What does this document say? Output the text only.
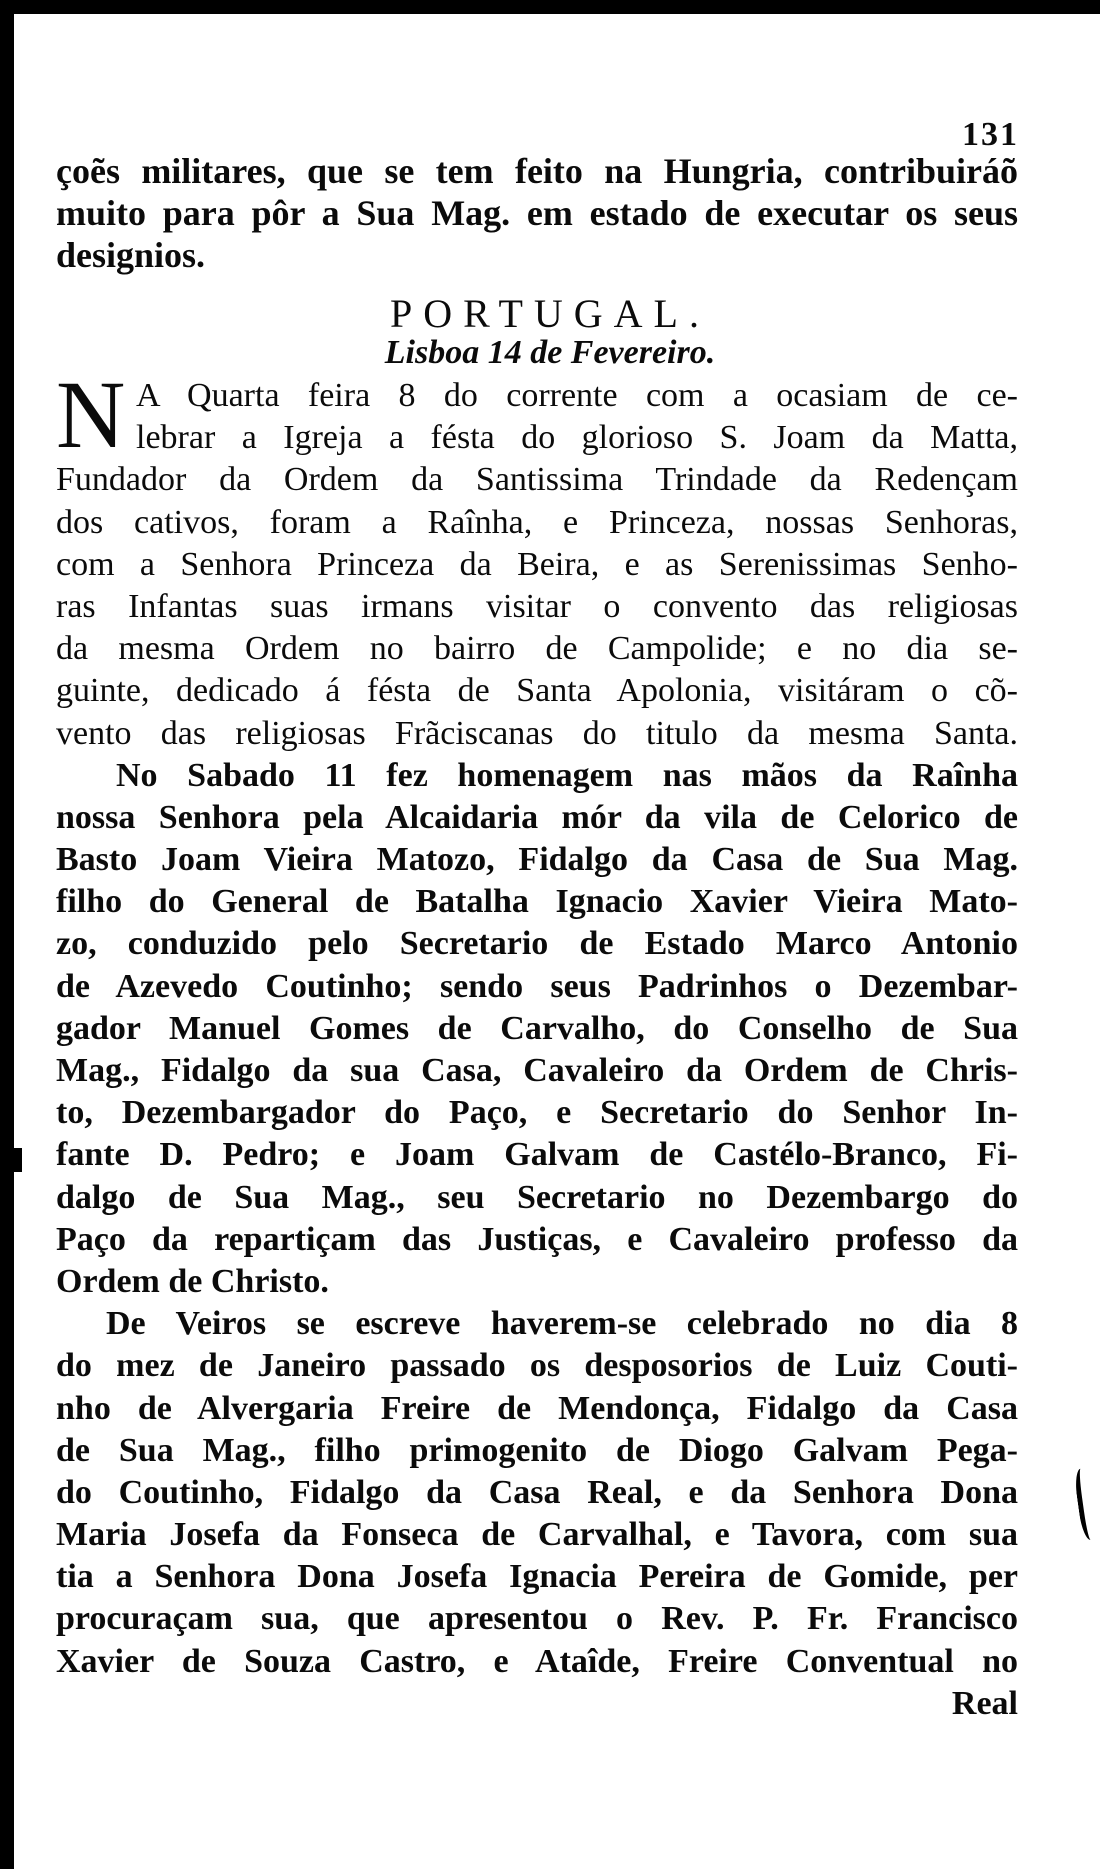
131
çoẽs militares, que se tem feito na Hungria, contribuiráõ
muito para pôr a Sua Mag. em estado de executar os seus
designios.
PORTUGAL.
Lisboa 14 de Fevereiro.
N A Quarta feira 8 do corrente com a ocasiam de ce-
lebrar a Igreja a fésta do glorioso S. Joam da Matta,
Fundador da Ordem da Santissima Trindade da Redençam
dos cativos, foram a Raînha, e Princeza, nossas Senhoras,
com a Senhora Princeza da Beira, e as Serenissimas Senho-
ras Infantas suas irmans visitar o convento das religiosas
da mesma Ordem no bairro de Campolide; e no dia se-
guinte, dedicado á fésta de Santa Apolonia, visitáram o cõ-
vento das religiosas Frãciscanas do titulo da mesma Santa.
No Sabado 11 fez homenagem nas mãos da Raînha
nossa Senhora pela Alcaidaria mór da vila de Celorico de
Basto Joam Vieira Matozo, Fidalgo da Casa de Sua Mag.
filho do General de Batalha Ignacio Xavier Vieira Mato-
zo, conduzido pelo Secretario de Estado Marco Antonio
de Azevedo Coutinho; sendo seus Padrinhos o Dezembar-
gador Manuel Gomes de Carvalho, do Conselho de Sua
Mag., Fidalgo da sua Casa, Cavaleiro da Ordem de Chris-
to, Dezembargador do Paço, e Secretario do Senhor In-
fante D. Pedro; e Joam Galvam de Castélo-Branco, Fi-
dalgo de Sua Mag., seu Secretario no Dezembargo do
Paço da repartiçam das Justiças, e Cavaleiro professo da
Ordem de Christo.
De Veiros se escreve haverem-se celebrado no dia 8
do mez de Janeiro passado os desposorios de Luiz Couti-
nho de Alvergaria Freire de Mendonça, Fidalgo da Casa
de Sua Mag., filho primogenito de Diogo Galvam Pega-
do Coutinho, Fidalgo da Casa Real, e da Senhora Dona
Maria Josefa da Fonseca de Carvalhal, e Tavora, com sua
tia a Senhora Dona Josefa Ignacia Pereira de Gomide, per
procuraçam sua, que apresentou o Rev. P. Fr. Francisco
Xavier de Souza Castro, e Ataîde, Freire Conventual no
Real
